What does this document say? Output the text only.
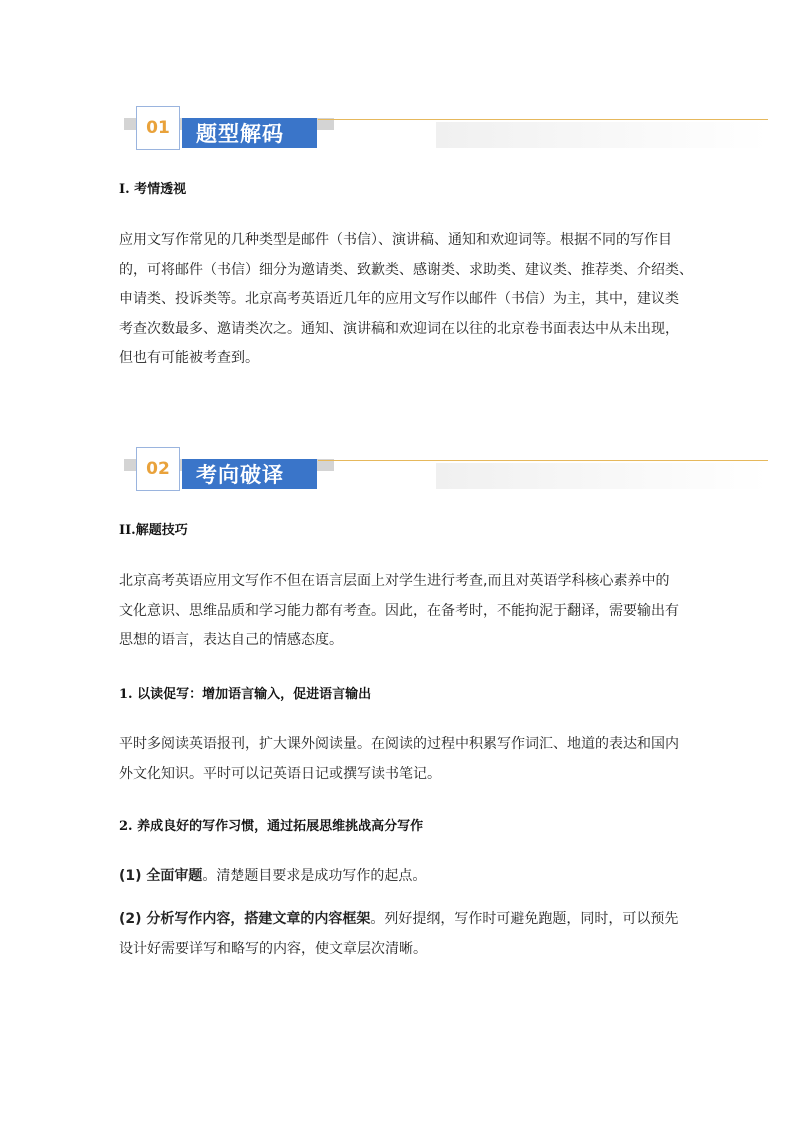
01	题型解码
I. 考情透视
应用文写作常见的几种类型是邮件（书信）、演讲稿、通知和欢迎词等。根据不同的写作目
的，可将邮件（书信）细分为邀请类、致歉类、感谢类、求助类、建议类、推荐类、介绍类、
申请类、投诉类等。北京高考英语近几年的应用文写作以邮件（书信）为主，其中，建议类
考查次数最多、邀请类次之。通知、演讲稿和欢迎词在以往的北京卷书面表达中从未出现，
但也有可能被考查到。
02	考向破译
II.解题技巧
北京高考英语应用文写作不但在语言层面上对学生进行考查,而且对英语学科核心素养中的
文化意识、思维品质和学习能力都有考查。因此，在备考时，不能拘泥于翻译，需要输出有
思想的语言，表达自己的情感态度。
1. 以读促写：增加语言输入，促进语言输出
平时多阅读英语报刊，扩大课外阅读量。在阅读的过程中积累写作词汇、地道的表达和国内
外文化知识。平时可以记英语日记或撰写读书笔记。
2. 养成良好的写作习惯，通过拓展思维挑战高分写作
(1) 全面审题。清楚题目要求是成功写作的起点。
(2) 分析写作内容，搭建文章的内容框架。列好提纲，写作时可避免跑题，同时，可以预先
设计好需要详写和略写的内容，使文章层次清晰。
